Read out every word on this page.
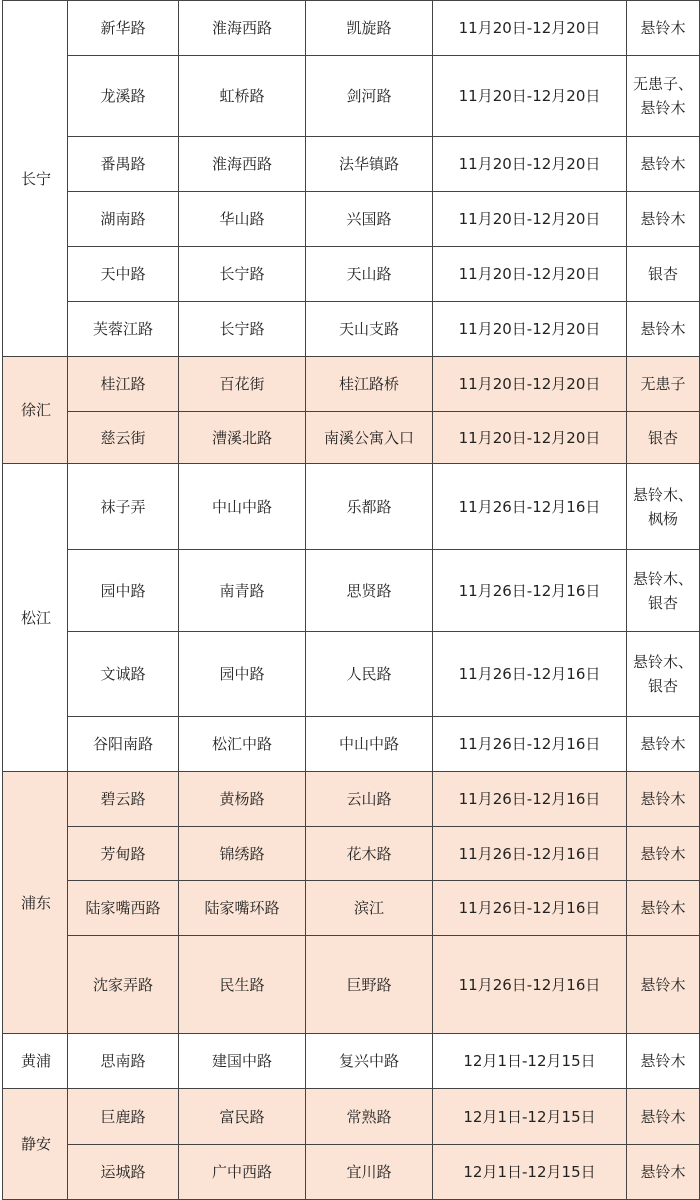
长宁	新华路	淮海西路	凯旋路	11月20日-12月20日	悬铃木
	龙溪路	虹桥路	剑河路	11月20日-12月20日	无患子、悬铃木
	番禺路	淮海西路	法华镇路	11月20日-12月20日	悬铃木
	湖南路	华山路	兴国路	11月20日-12月20日	悬铃木
	天中路	长宁路	天山路	11月20日-12月20日	银杏
	芙蓉江路	长宁路	天山支路	11月20日-12月20日	悬铃木
徐汇	桂江路	百花街	桂江路桥	11月20日-12月20日	无患子
	慈云街	漕溪北路	南溪公寓入口	11月20日-12月20日	银杏
松江	袜子弄	中山中路	乐都路	11月26日-12月16日	悬铃木、枫杨
	园中路	南青路	思贤路	11月26日-12月16日	悬铃木、银杏
	文诚路	园中路	人民路	11月26日-12月16日	悬铃木、银杏
	谷阳南路	松汇中路	中山中路	11月26日-12月16日	悬铃木
浦东	碧云路	黄杨路	云山路	11月26日-12月16日	悬铃木
	芳甸路	锦绣路	花木路	11月26日-12月16日	悬铃木
	陆家嘴西路	陆家嘴环路	滨江	11月26日-12月16日	悬铃木
	沈家弄路	民生路	巨野路	11月26日-12月16日	悬铃木
黄浦	思南路	建国中路	复兴中路	12月1日-12月15日	悬铃木
静安	巨鹿路	富民路	常熟路	12月1日-12月15日	悬铃木
	运城路	广中西路	宜川路	12月1日-12月15日	悬铃木
